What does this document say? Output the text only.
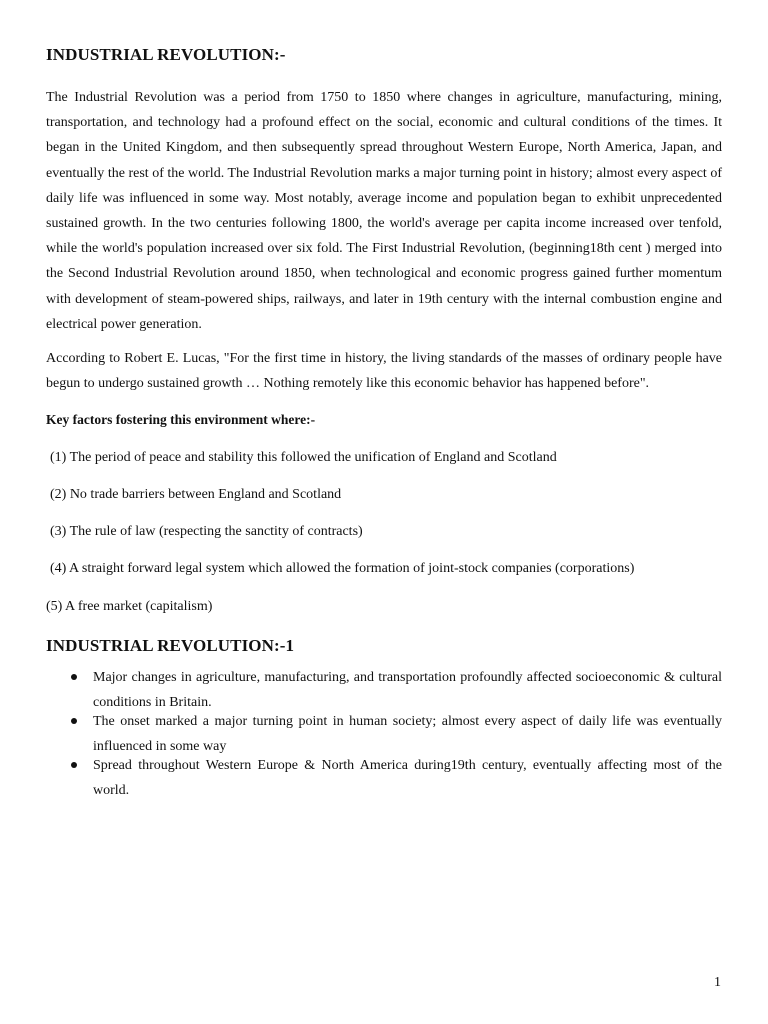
INDUSTRIAL REVOLUTION:-

The Industrial Revolution was a period from 1750 to 1850 where changes in agriculture, manufacturing, mining, transportation, and technology had a profound effect on the social, economic and cultural conditions of the times. It began in the United Kingdom, and then subsequently spread throughout Western Europe, North America, Japan, and eventually the rest of the world. The Industrial Revolution marks a major turning point in history; almost every aspect of daily life was influenced in some way. Most notably, average income and population began to exhibit unprecedented sustained growth. In the two centuries following 1800, the world's average per capita income increased over tenfold, while the world's population increased over six fold. The First Industrial Revolution, (beginning18th cent ) merged into the Second Industrial Revolution around 1850, when technological and economic progress gained further momentum with development of steam-powered ships, railways, and later in 19th century with the internal combustion engine and electrical power generation.

According to Robert E. Lucas, "For the first time in history, the living standards of the masses of ordinary people have begun to undergo sustained growth … Nothing remotely like this economic behavior has happened before".

Key factors fostering this environment where:-

(1) The period of peace and stability this followed the unification of England and Scotland

(2) No trade barriers between England and Scotland

(3) The rule of law (respecting the sanctity of contracts)

(4) A straight forward legal system which allowed the formation of joint-stock companies (corporations)

(5) A free market (capitalism)

INDUSTRIAL REVOLUTION:-1
Major changes in agriculture, manufacturing, and transportation profoundly affected socioeconomic & cultural conditions in Britain.
The onset marked a major turning point in human society; almost every aspect of daily life was eventually influenced in some way
Spread throughout Western Europe & North America during19th century, eventually affecting most of the world.
1
